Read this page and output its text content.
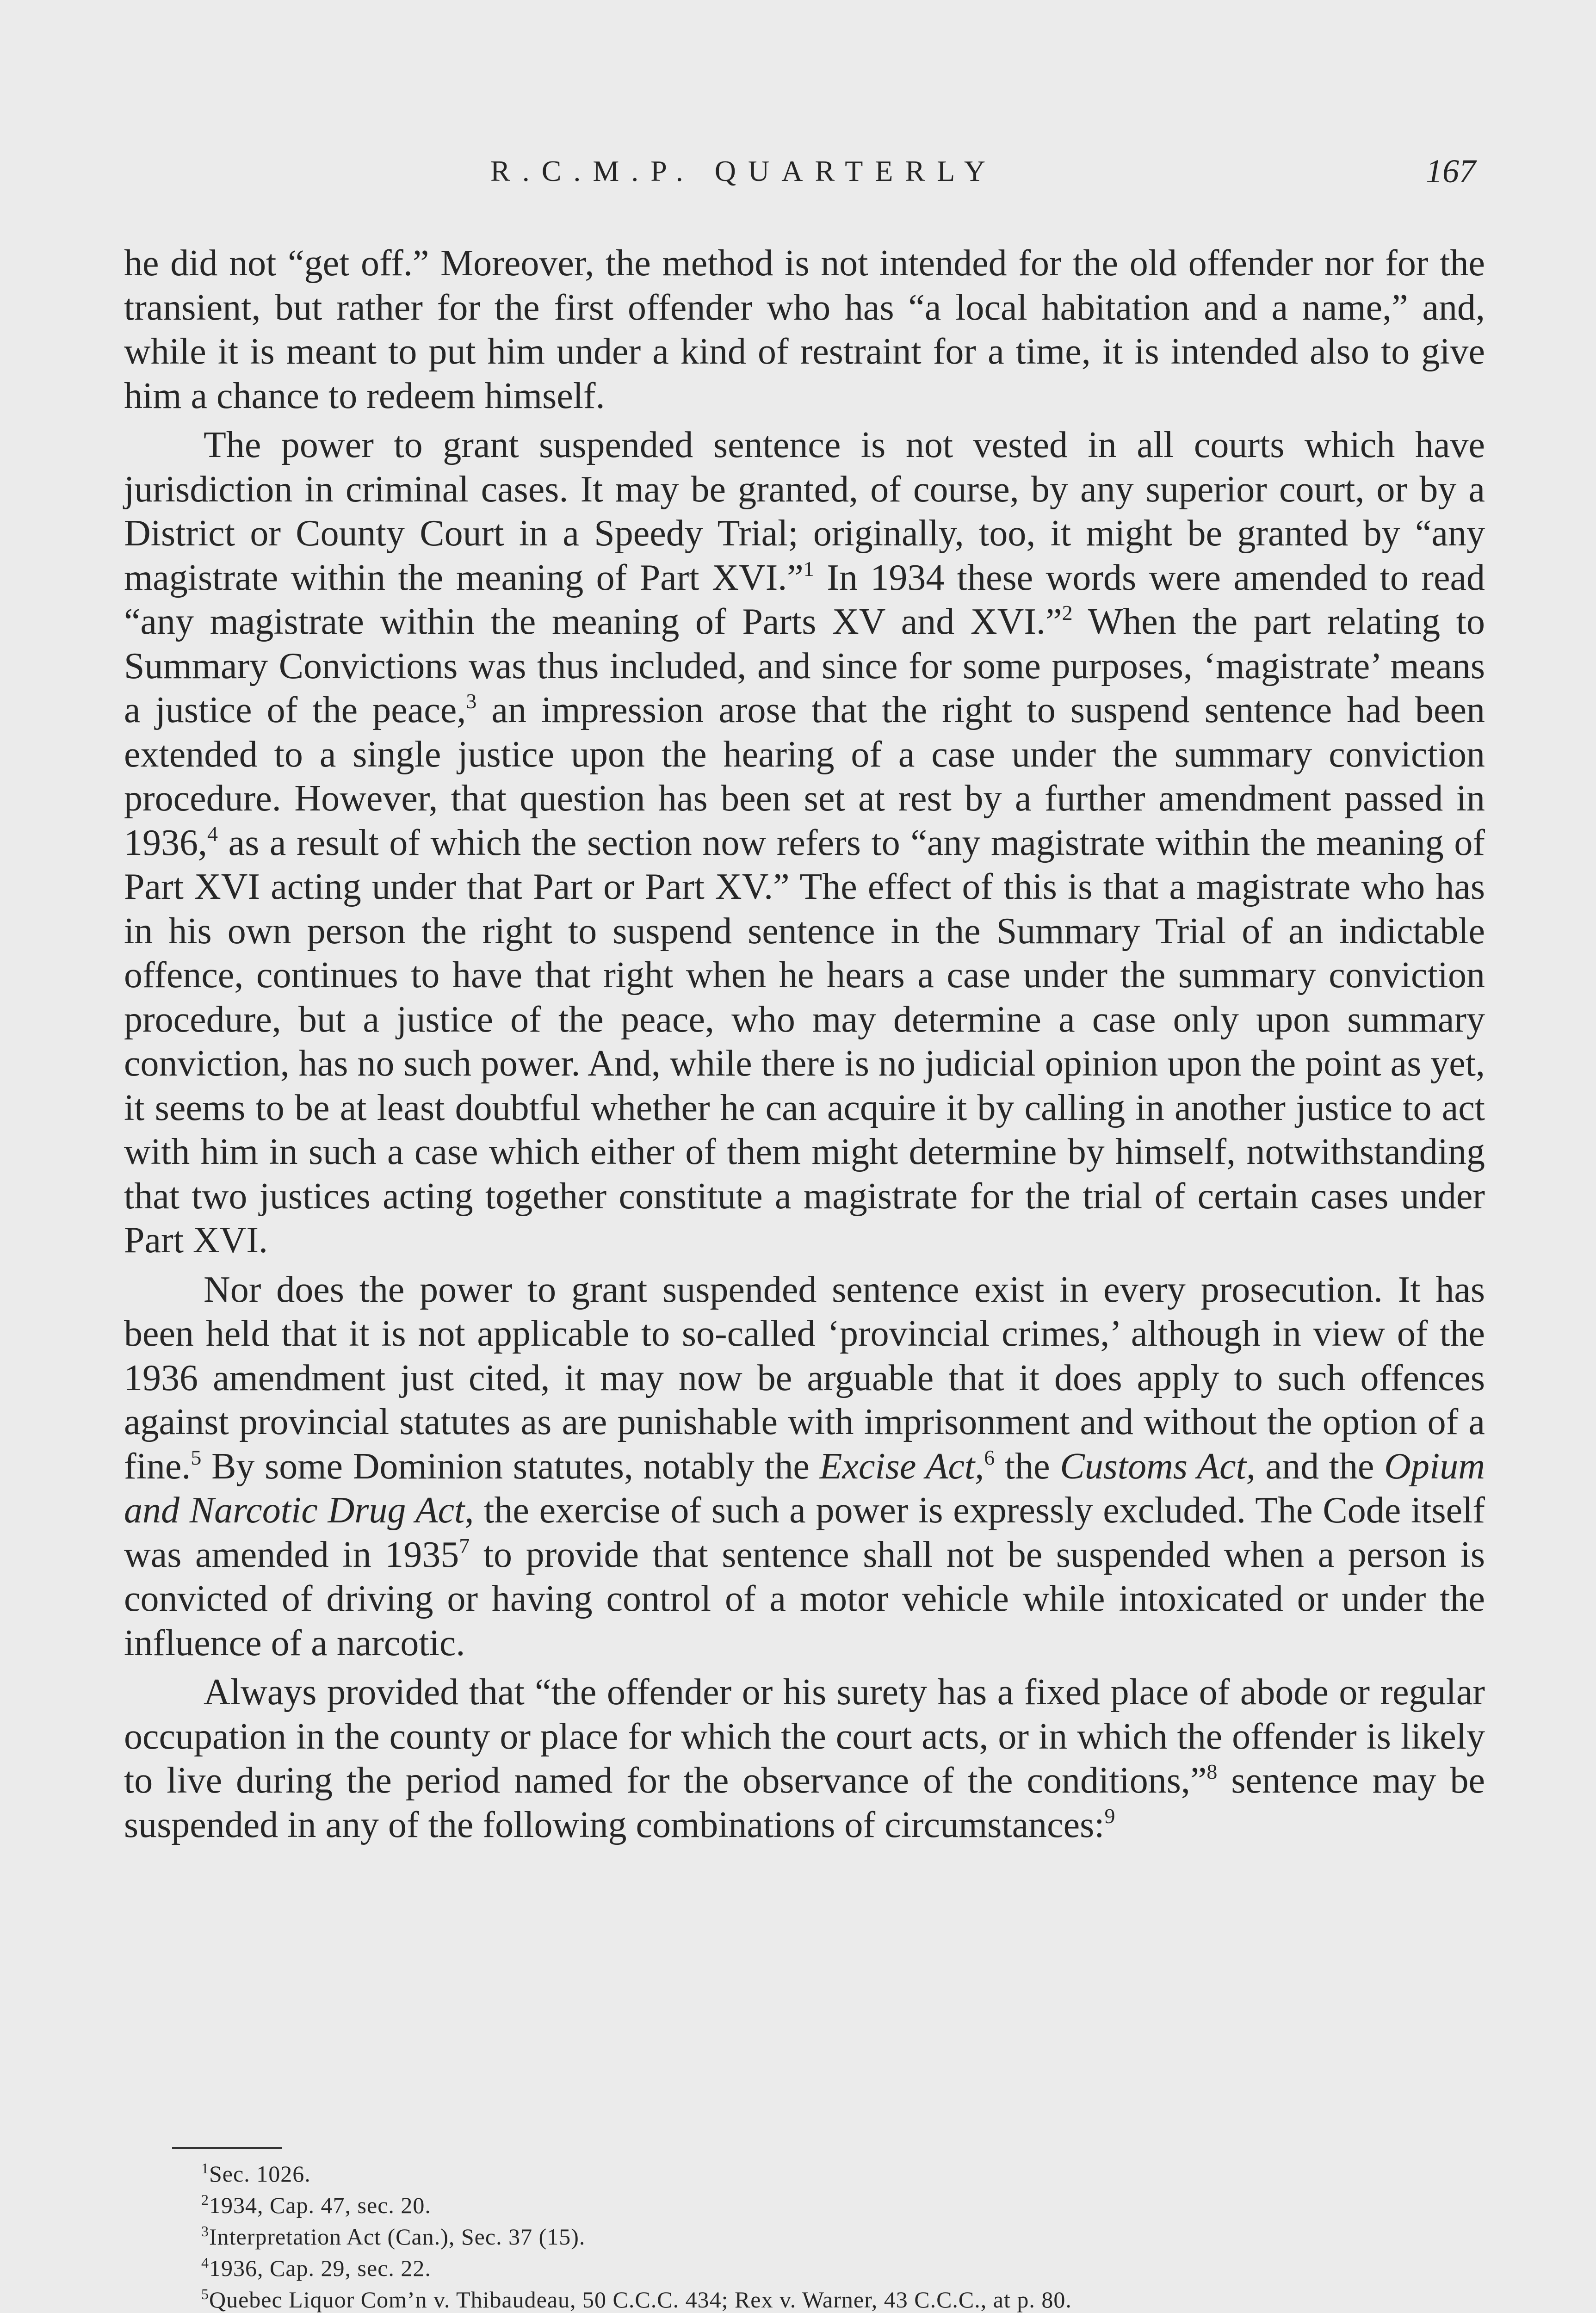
R.C.M.P. QUARTERLY	167

he did not “get off.” Moreover, the method is not intended for the old offender nor for the transient, but rather for the first offender who has “a local habitation and a name,” and, while it is meant to put him under a kind of restraint for a time, it is intended also to give him a chance to redeem himself.

The power to grant suspended sentence is not vested in all courts which have jurisdiction in criminal cases. It may be granted, of course, by any superior court, or by a District or County Court in a Speedy Trial; originally, too, it might be granted by “any magistrate within the meaning of Part XVI.”$^1$ In 1934 these words were amended to read “any magistrate within the meaning of Parts XV and XVI.”$^2$ When the part relating to Summary Convictions was thus included, and since for some purposes, ‘magistrate’ means a justice of the peace,$^3$ an impression arose that the right to suspend sentence had been extended to a single justice upon the hearing of a case under the summary conviction procedure. However, that question has been set at rest by a further amendment passed in 1936,$^4$ as a result of which the section now refers to “any magistrate within the meaning of Part XVI acting under that Part or Part XV.” The effect of this is that a magistrate who has in his own person the right to suspend sentence in the Summary Trial of an indictable offence, continues to have that right when he hears a case under the summary conviction procedure, but a justice of the peace, who may determine a case only upon summary conviction, has no such power. And, while there is no judicial opinion upon the point as yet, it seems to be at least doubtful whether he can acquire it by calling in another justice to act with him in such a case which either of them might determine by himself, notwithstanding that two justices acting together constitute a magistrate for the trial of certain cases under Part XVI.

Nor does the power to grant suspended sentence exist in every prosecution. It has been held that it is not applicable to so-called ‘provincial crimes,’ although in view of the 1936 amendment just cited, it may now be arguable that it does apply to such offences against provincial statutes as are punishable with imprisonment and without the option of a fine.$^5$ By some Dominion statutes, notably the Excise Act,$^6$ the Customs Act, and the Opium and Narcotic Drug Act, the exercise of such a power is expressly excluded. The Code itself was amended in 1935$^7$ to provide that sentence shall not be suspended when a person is convicted of driving or having control of a motor vehicle while intoxicated or under the influence of a narcotic.

Always provided that “the offender or his surety has a fixed place of abode or regular occupation in the county or place for which the court acts, or in which the offender is likely to live during the period named for the observance of the conditions,”$^8$ sentence may be suspended in any of the following combinations of circumstances:$^9$

$^1$Sec. 1026.
$^2$1934, Cap. 47, sec. 20.
$^3$Interpretation Act (Can.), Sec. 37 (15).
$^4$1936, Cap. 29, sec. 22.
$^5$Quebec Liquor Com’n v. Thibaudeau, 50 C.C.C. 434; Rex v. Warner, 43 C.C.C., at p. 80.
